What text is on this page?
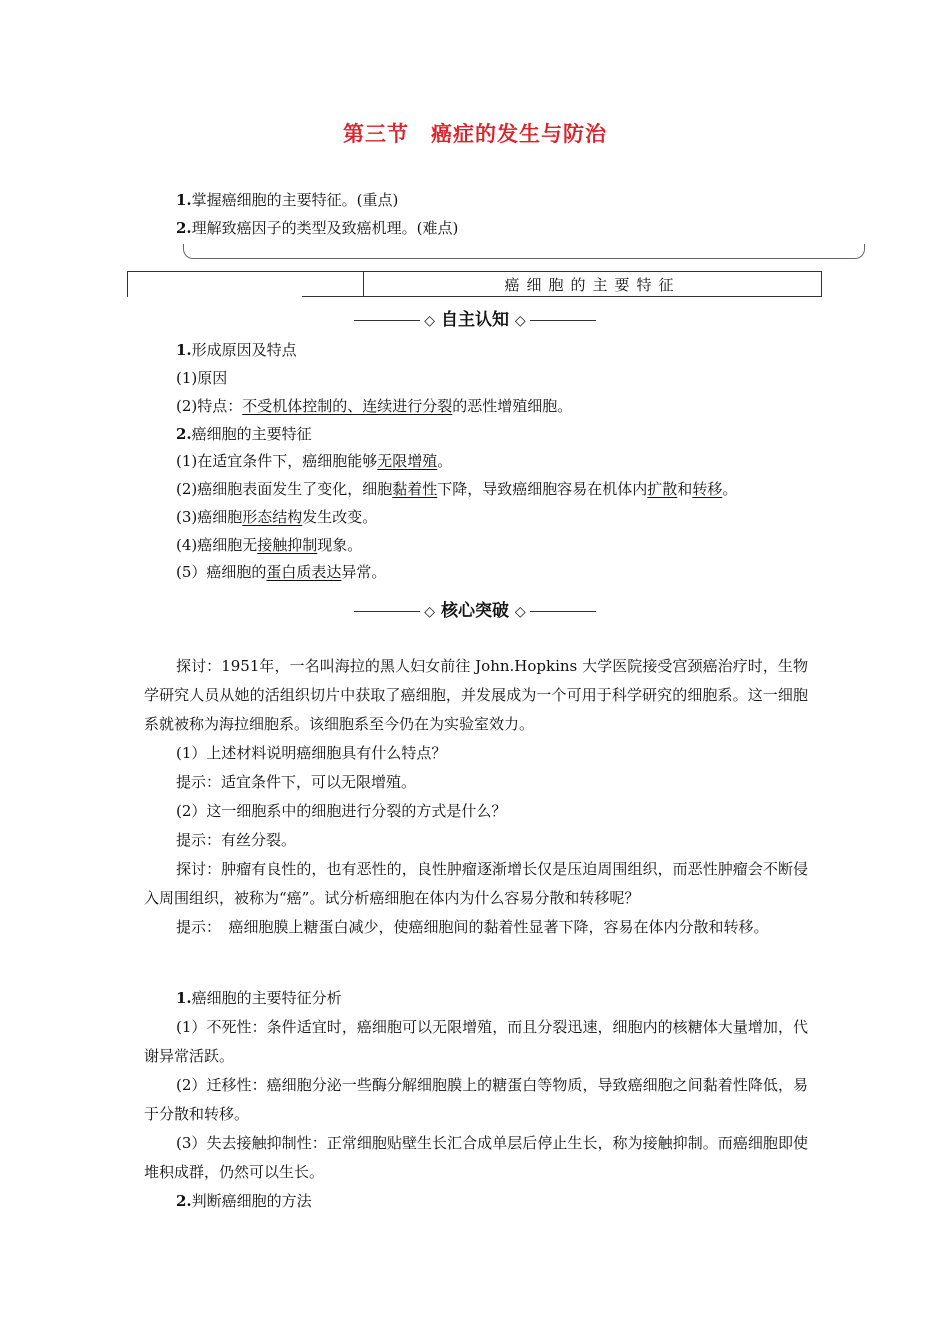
第三节 癌症的发生与防治
1.掌握癌细胞的主要特征。(重点)
2.理解致癌因子的类型及致癌机理。(难点)
癌细胞的主要特征
◇ 自主认知 ◇
1.形成原因及特点
(1)原因
(2)特点：不受机体控制的、连续进行分裂的恶性增殖细胞。
2.癌细胞的主要特征
(1)在适宜条件下，癌细胞能够无限增殖。
(2)癌细胞表面发生了变化，细胞黏着性下降，导致癌细胞容易在机体内扩散和转移。
(3)癌细胞形态结构发生改变。
(4)癌细胞无接触抑制现象。
(5）癌细胞的蛋白质表达异常。
◇ 核心突破 ◇
探讨：1951年，一名叫海拉的黑人妇女前往 John.Hopkins 大学医院接受宫颈癌治疗时，生物学研究人员从她的活组织切片中获取了癌细胞，并发展成为一个可用于科学研究的细胞系。这一细胞系就被称为海拉细胞系。该细胞系至今仍在为实验室效力。
(1）上述材料说明癌细胞具有什么特点？
提示：适宜条件下，可以无限增殖。
(2）这一细胞系中的细胞进行分裂的方式是什么？
提示：有丝分裂。
探讨：肿瘤有良性的，也有恶性的，良性肿瘤逐渐增长仅是压迫周围组织，而恶性肿瘤会不断侵入周围组织，被称为“癌”。试分析癌细胞在体内为什么容易分散和转移呢？
提示：　癌细胞膜上糖蛋白减少，使癌细胞间的黏着性显著下降，容易在体内分散和转移。
1.癌细胞的主要特征分析
(1）不死性：条件适宜时，癌细胞可以无限增殖，而且分裂迅速，细胞内的核糖体大量增加，代谢异常活跃。
(2）迁移性：癌细胞分泌一些酶分解细胞膜上的糖蛋白等物质，导致癌细胞之间黏着性降低，易于分散和转移。
(3）失去接触抑制性：正常细胞贴壁生长汇合成单层后停止生长，称为接触抑制。而癌细胞即使堆积成群，仍然可以生长。
2.判断癌细胞的方法
